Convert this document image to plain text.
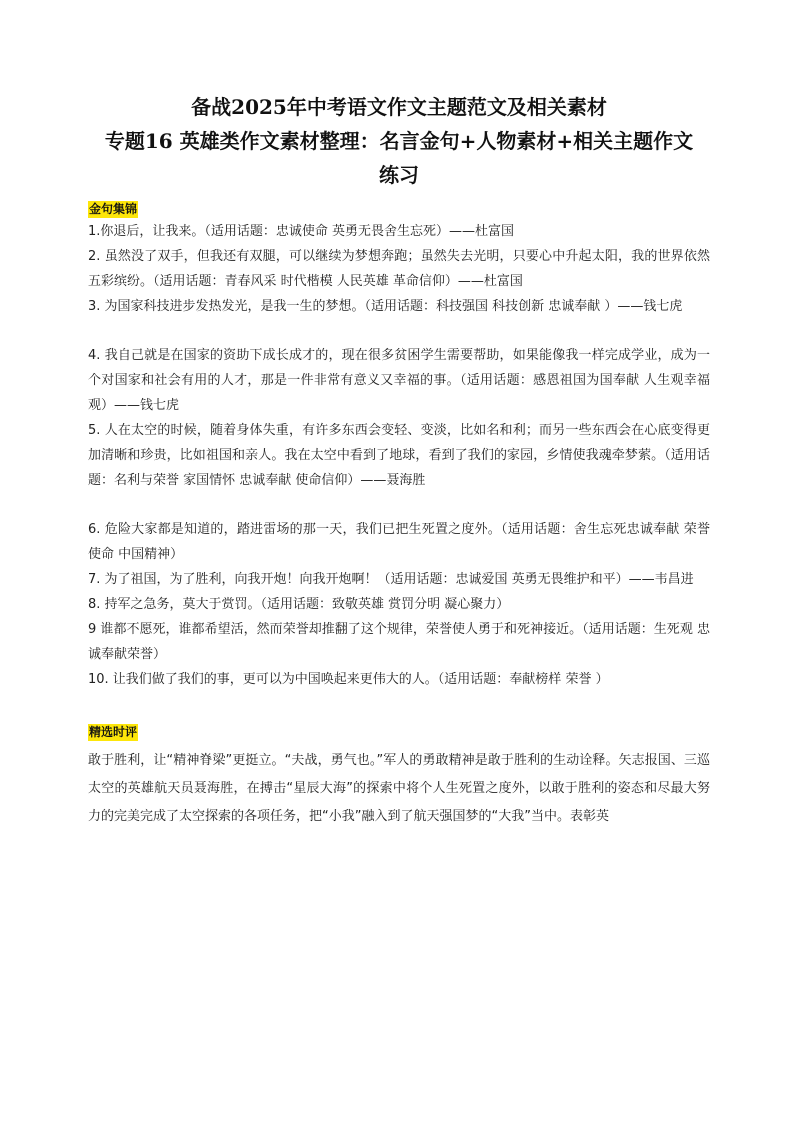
备战2025年中考语文作文主题范文及相关素材
专题16 英雄类作文素材整理：名言金句+人物素材+相关主题作文
练习
金句集锦

1.你退后，让我来。（适用话题：忠诚使命 英勇无畏舍生忘死）——杜富国

2. 虽然没了双手，但我还有双腿，可以继续为梦想奔跑；虽然失去光明，只要心中升起太阳，我的世界依然五彩缤纷。（适用话题：青春风采 时代楷模 人民英雄 革命信仰）——杜富国

3. 为国家科技进步发热发光，是我一生的梦想。（适用话题：科技强国 科技创新 忠诚奉献 ）——钱七虎

4. 我自己就是在国家的资助下成长成才的，现在很多贫困学生需要帮助，如果能像我一样完成学业，成为一个对国家和社会有用的人才，那是一件非常有意义又幸福的事。（适用话题：感恩祖国为国奉献 人生观幸福观）——钱七虎

5. 人在太空的时候，随着身体失重，有许多东西会变轻、变淡，比如名和利；而另一些东西会在心底变得更加清晰和珍贵，比如祖国和亲人。我在太空中看到了地球，看到了我们的家园，乡情使我魂牵梦萦。（适用话题：名利与荣誉 家国情怀 忠诚奉献 使命信仰）——聂海胜

6. 危险大家都是知道的，踏进雷场的那一天，我们已把生死置之度外。（适用话题：舍生忘死忠诚奉献 荣誉使命 中国精神）

7. 为了祖国，为了胜利，向我开炮！向我开炮啊！（适用话题：忠诚爱国 英勇无畏维护和平）——韦昌进

8. 持军之急务，莫大于赏罚。（适用话题：致敬英雄 赏罚分明 凝心聚力）

9 谁都不愿死，谁都希望活，然而荣誉却推翻了这个规律，荣誉使人勇于和死神接近。（适用话题：生死观 忠诚奉献荣誉）

10. 让我们做了我们的事，更可以为中国唤起来更伟大的人。（适用话题：奉献榜样 荣誉 ）

精选时评

敢于胜利，让“精神脊梁”更挺立。“夫战，勇气也。”军人的勇敢精神是敢于胜利的生动诠释。矢志报国、三巡太空的英雄航天员聂海胜，在搏击“星辰大海”的探索中将个人生死置之度外，以敢于胜利的姿态和尽最大努力的完美完成了太空探索的各项任务，把“小我”融入到了航天强国梦的“大我”当中。表彰英
